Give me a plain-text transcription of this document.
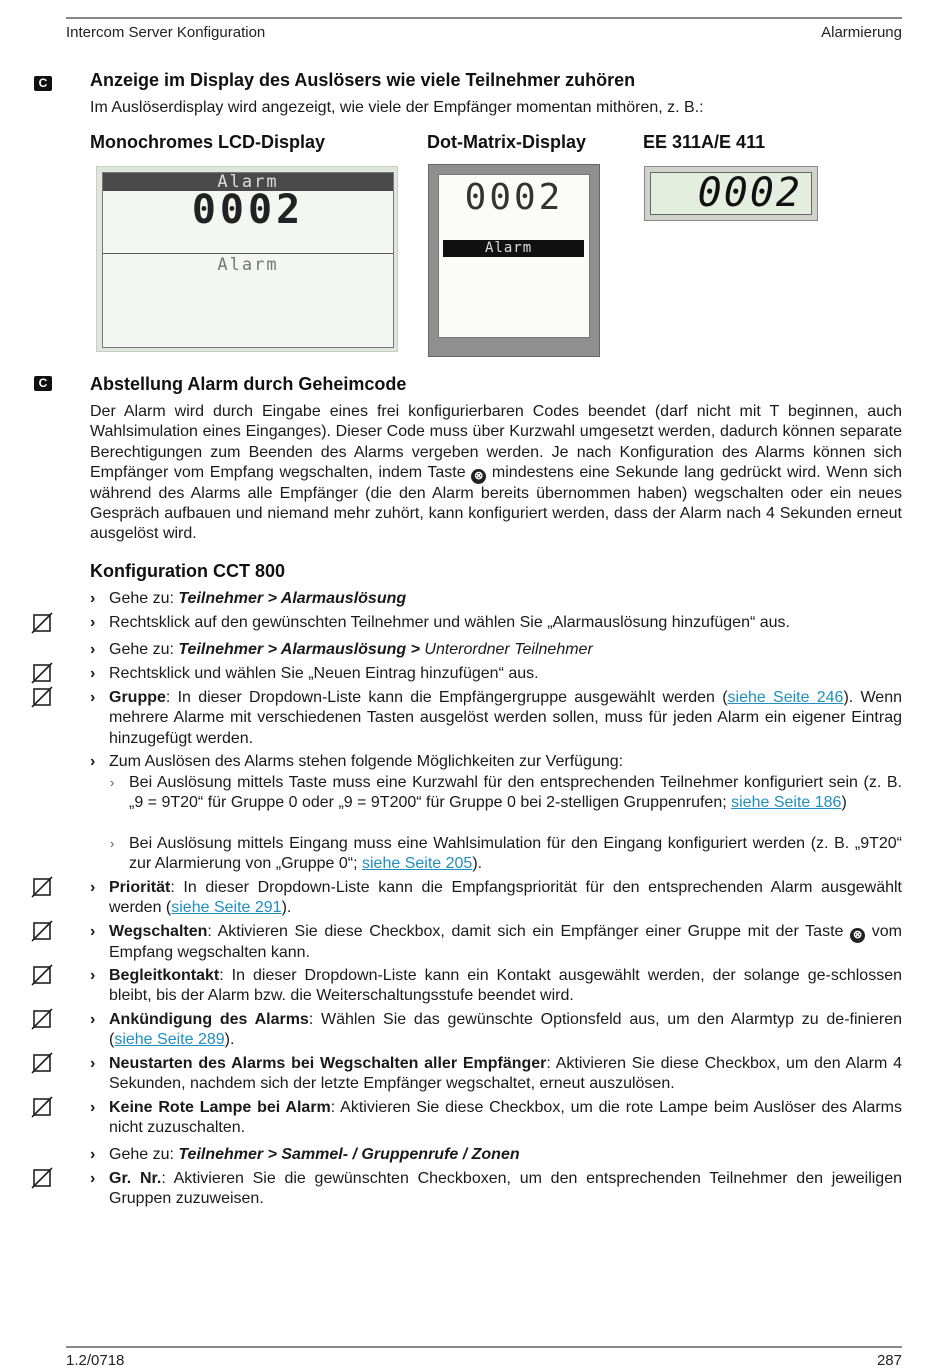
Intercom Server Konfiguration	Alarmierung
C Anzeige im Display des Auslösers wie viele Teilnehmer zuhören
Im Auslöserdisplay wird angezeigt, wie viele der Empfänger momentan mithören, z. B.:
Monochromes LCD-Display	Dot-Matrix-Display	EE 311A/E 411
Alarm
0002
Alarm
0002
Alarm
0002
C Abstellung Alarm durch Geheimcode
Der Alarm wird durch Eingabe eines frei konfigurierbaren Codes beendet (darf nicht mit T beginnen, auch Wahlsimulation eines Einganges). Dieser Code muss über Kurzwahl umgesetzt werden, dadurch können separate Berechtigungen zum Beenden des Alarms vergeben werden. Je nach Konfiguration des Alarms können sich Empfänger vom Empfang wegschalten, indem Taste ⊗ mindestens eine Sekunde lang gedrückt wird. Wenn sich während des Alarms alle Empfänger (die den Alarm bereits übernommen haben) wegschalten oder ein neues Gespräch aufbauen und niemand mehr zuhört, kann konfiguriert werden, dass der Alarm nach 4 Sekunden erneut ausgelöst wird.
Konfiguration CCT 800
› Gehe zu: Teilnehmer > Alarmauslösung
› Rechtsklick auf den gewünschten Teilnehmer und wählen Sie „Alarmauslösung hinzufügen“ aus.
› Gehe zu: Teilnehmer > Alarmauslösung > Unterordner Teilnehmer
› Rechtsklick und wählen Sie „Neuen Eintrag hinzufügen“ aus.
› Gruppe: In dieser Dropdown-Liste kann die Empfängergruppe ausgewählt werden (siehe Seite 246). Wenn mehrere Alarme mit verschiedenen Tasten ausgelöst werden sollen, muss für jeden Alarm ein eigener Eintrag hinzugefügt werden.
› Zum Auslösen des Alarms stehen folgende Möglichkeiten zur Verfügung:
› Bei Auslösung mittels Taste muss eine Kurzwahl für den entsprechenden Teilnehmer konfiguriert sein (z. B. „9 = 9T20“ für Gruppe 0 oder „9 = 9T200“ für Gruppe 0 bei 2-stelligen Gruppenrufen; siehe Seite 186)
› Bei Auslösung mittels Eingang muss eine Wahlsimulation für den Eingang konfiguriert werden (z. B. „9T20“ zur Alarmierung von „Gruppe 0“; siehe Seite 205).
› Priorität: In dieser Dropdown-Liste kann die Empfangspriorität für den entsprechenden Alarm ausgewählt werden (siehe Seite 291).
› Wegschalten: Aktivieren Sie diese Checkbox, damit sich ein Empfänger einer Gruppe mit der Taste ⊗ vom Empfang wegschalten kann.
› Begleitkontakt: In dieser Dropdown-Liste kann ein Kontakt ausgewählt werden, der solange ge-schlossen bleibt, bis der Alarm bzw. die Weiterschaltungsstufe beendet wird.
› Ankündigung des Alarms: Wählen Sie das gewünschte Optionsfeld aus, um den Alarmtyp zu de-finieren (siehe Seite 289).
› Neustarten des Alarms bei Wegschalten aller Empfänger: Aktivieren Sie diese Checkbox, um den Alarm 4 Sekunden, nachdem sich der letzte Empfänger wegschaltet, erneut auszulösen.
› Keine Rote Lampe bei Alarm: Aktivieren Sie diese Checkbox, um die rote Lampe beim Auslöser des Alarms nicht zuzuschalten.
› Gehe zu: Teilnehmer > Sammel- / Gruppenrufe / Zonen
› Gr. Nr.: Aktivieren Sie die gewünschten Checkboxen, um den entsprechenden Teilnehmer den jeweiligen Gruppen zuzuweisen.
1.2/0718	287
